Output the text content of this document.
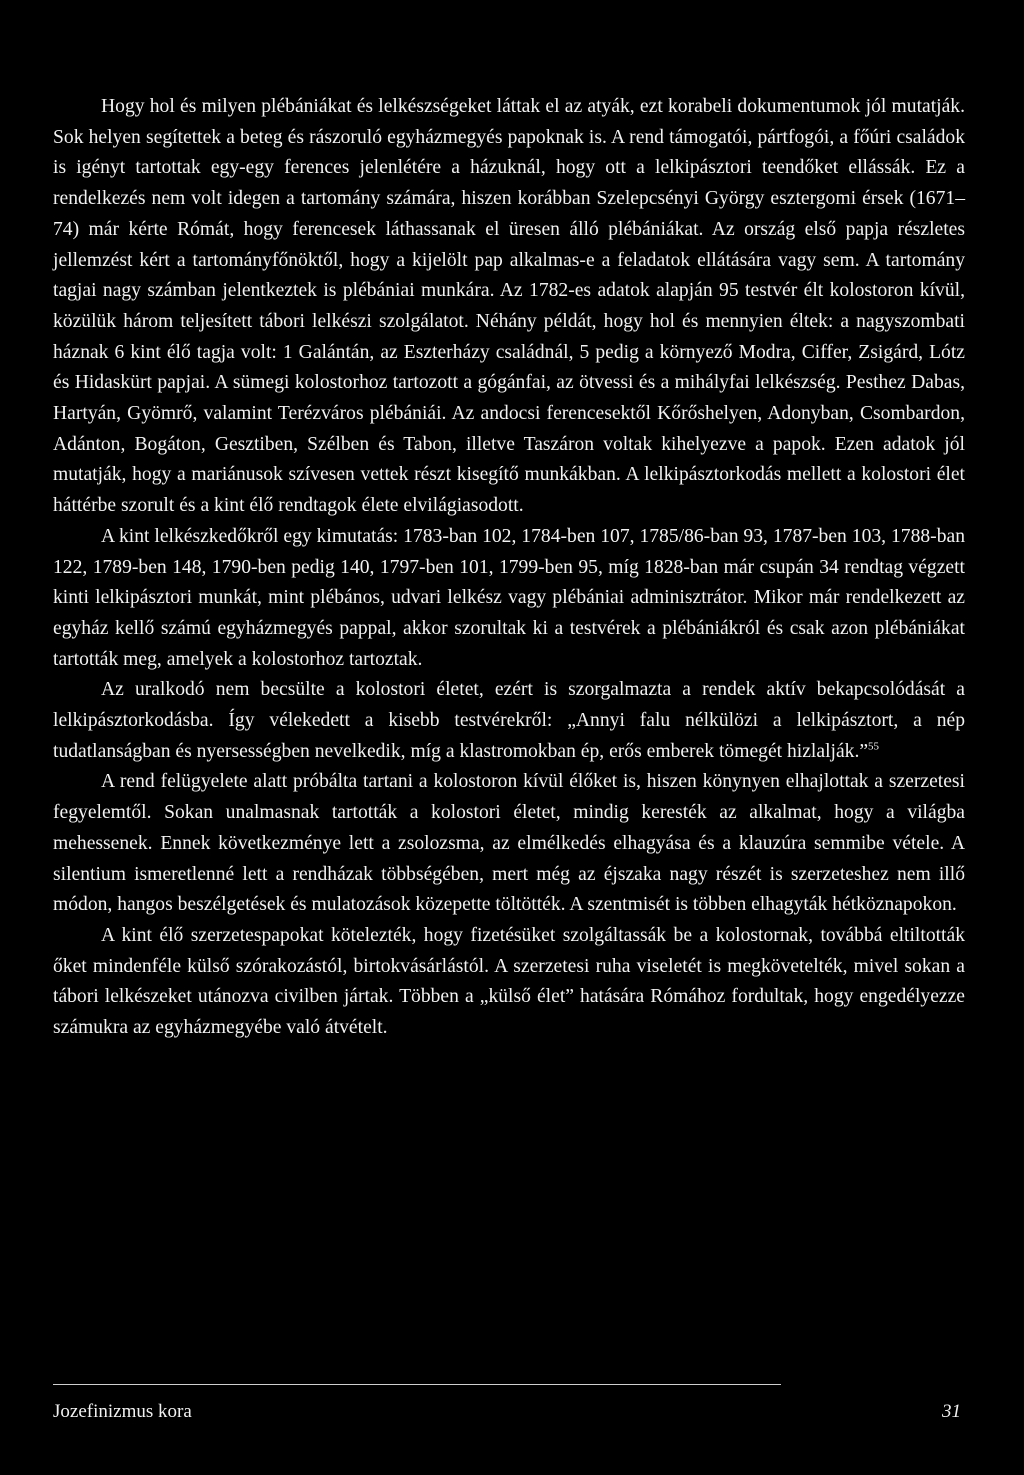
Hogy hol és milyen plébániákat és lelkészségeket láttak el az atyák, ezt korabeli dokumentumok jól mutatják. Sok helyen segítettek a beteg és rászoruló egyházmegyés papoknak is. A rend támogatói, pártfogói, a főúri családok is igényt tartottak egy-egy ferences jelenlétére a házuknál, hogy ott a lelkipásztori teendőket ellássák. Ez a rendelkezés nem volt idegen a tartomány számára, hiszen korábban Szelepcsényi György esztergomi érsek (1671–74) már kérte Rómát, hogy ferencesek láthassanak el üresen álló plébániákat. Az ország első papja részletes jellemzést kért a tartományfőnöktől, hogy a kijelölt pap alkalmas-e a feladatok ellátására vagy sem. A tartomány tagjai nagy számban jelentkeztek is plébániai munkára. Az 1782-es adatok alapján 95 testvér élt kolostoron kívül, közülük három teljesített tábori lelkészi szolgálatot. Néhány példát, hogy hol és mennyien éltek: a nagyszombati háznak 6 kint élő tagja volt: 1 Galántán, az Eszterházy családnál, 5 pedig a környező Modra, Ciffer, Zsigárd, Lótz és Hidaskürt papjai. A sümegi kolostorhoz tartozott a gógánfai, az ötvessi és a mihályfai lelkészség. Pesthez Dabas, Hartyán, Gyömrő, valamint Terézváros plébániái. Az andocsi ferencesektől Kőrőshelyen, Adonyban, Csombardon, Adánton, Bogáton, Gesztiben, Szélben és Tabon, illetve Taszáron voltak kihelyezve a papok. Ezen adatok jól mutatják, hogy a mariánusok szívesen vettek részt kisegítő munkákban. A lelkipásztorkodás mellett a kolostori élet háttérbe szorult és a kint élő rendtagok élete elvilágiasodott.

A kint lelkészkedőkről egy kimutatás: 1783-ban 102, 1784-ben 107, 1785/86-ban 93, 1787-ben 103, 1788-ban 122, 1789-ben 148, 1790-ben pedig 140, 1797-ben 101, 1799-ben 95, míg 1828-ban már csupán 34 rendtag végzett kinti lelkipásztori munkát, mint plébános, udvari lelkész vagy plébániai adminisztrátor. Mikor már rendelkezett az egyház kellő számú egyházmegyés pappal, akkor szorultak ki a testvérek a plébániákról és csak azon plébániákat tartották meg, amelyek a kolostorhoz tartoztak.

Az uralkodó nem becsülte a kolostori életet, ezért is szorgalmazta a rendek aktív bekapcsolódását a lelkipásztorkodásba. Így vélekedett a kisebb testvérekről: „Annyi falu nélkülözi a lelkipásztort, a nép tudatlanságban és nyersességben nevelkedik, míg a klastromokban ép, erős emberek tömegét hizlalják.”$^{55}$

A rend felügyelete alatt próbálta tartani a kolostoron kívül élőket is, hiszen könynyen elhajlottak a szerzetesi fegyelemtől. Sokan unalmasnak tartották a kolostori életet, mindig keresték az alkalmat, hogy a világba mehessenek. Ennek következménye lett a zsolozsma, az elmélkedés elhagyása és a klauzúra semmibe vétele. A silentium ismeretlenné lett a rendházak többségében, mert még az éjszaka nagy részét is szerzeteshez nem illő módon, hangos beszélgetések és mulatozások közepette töltötték. A szentmisét is többen elhagyták hétköznapokon.

A kint élő szerzetespapokat kötelezték, hogy fizetésüket szolgáltassák be a kolostornak, továbbá eltiltották őket mindenféle külső szórakozástól, birtokvásárlástól. A szerzetesi ruha viseletét is megkövetelték, mivel sokan a tábori lelkészeket utánozva civilben jártak. Többen a „külső élet” hatására Rómához fordultak, hogy engedélyezze számukra az egyházmegyébe való átvételt.

Jozefinizmus kora	31
